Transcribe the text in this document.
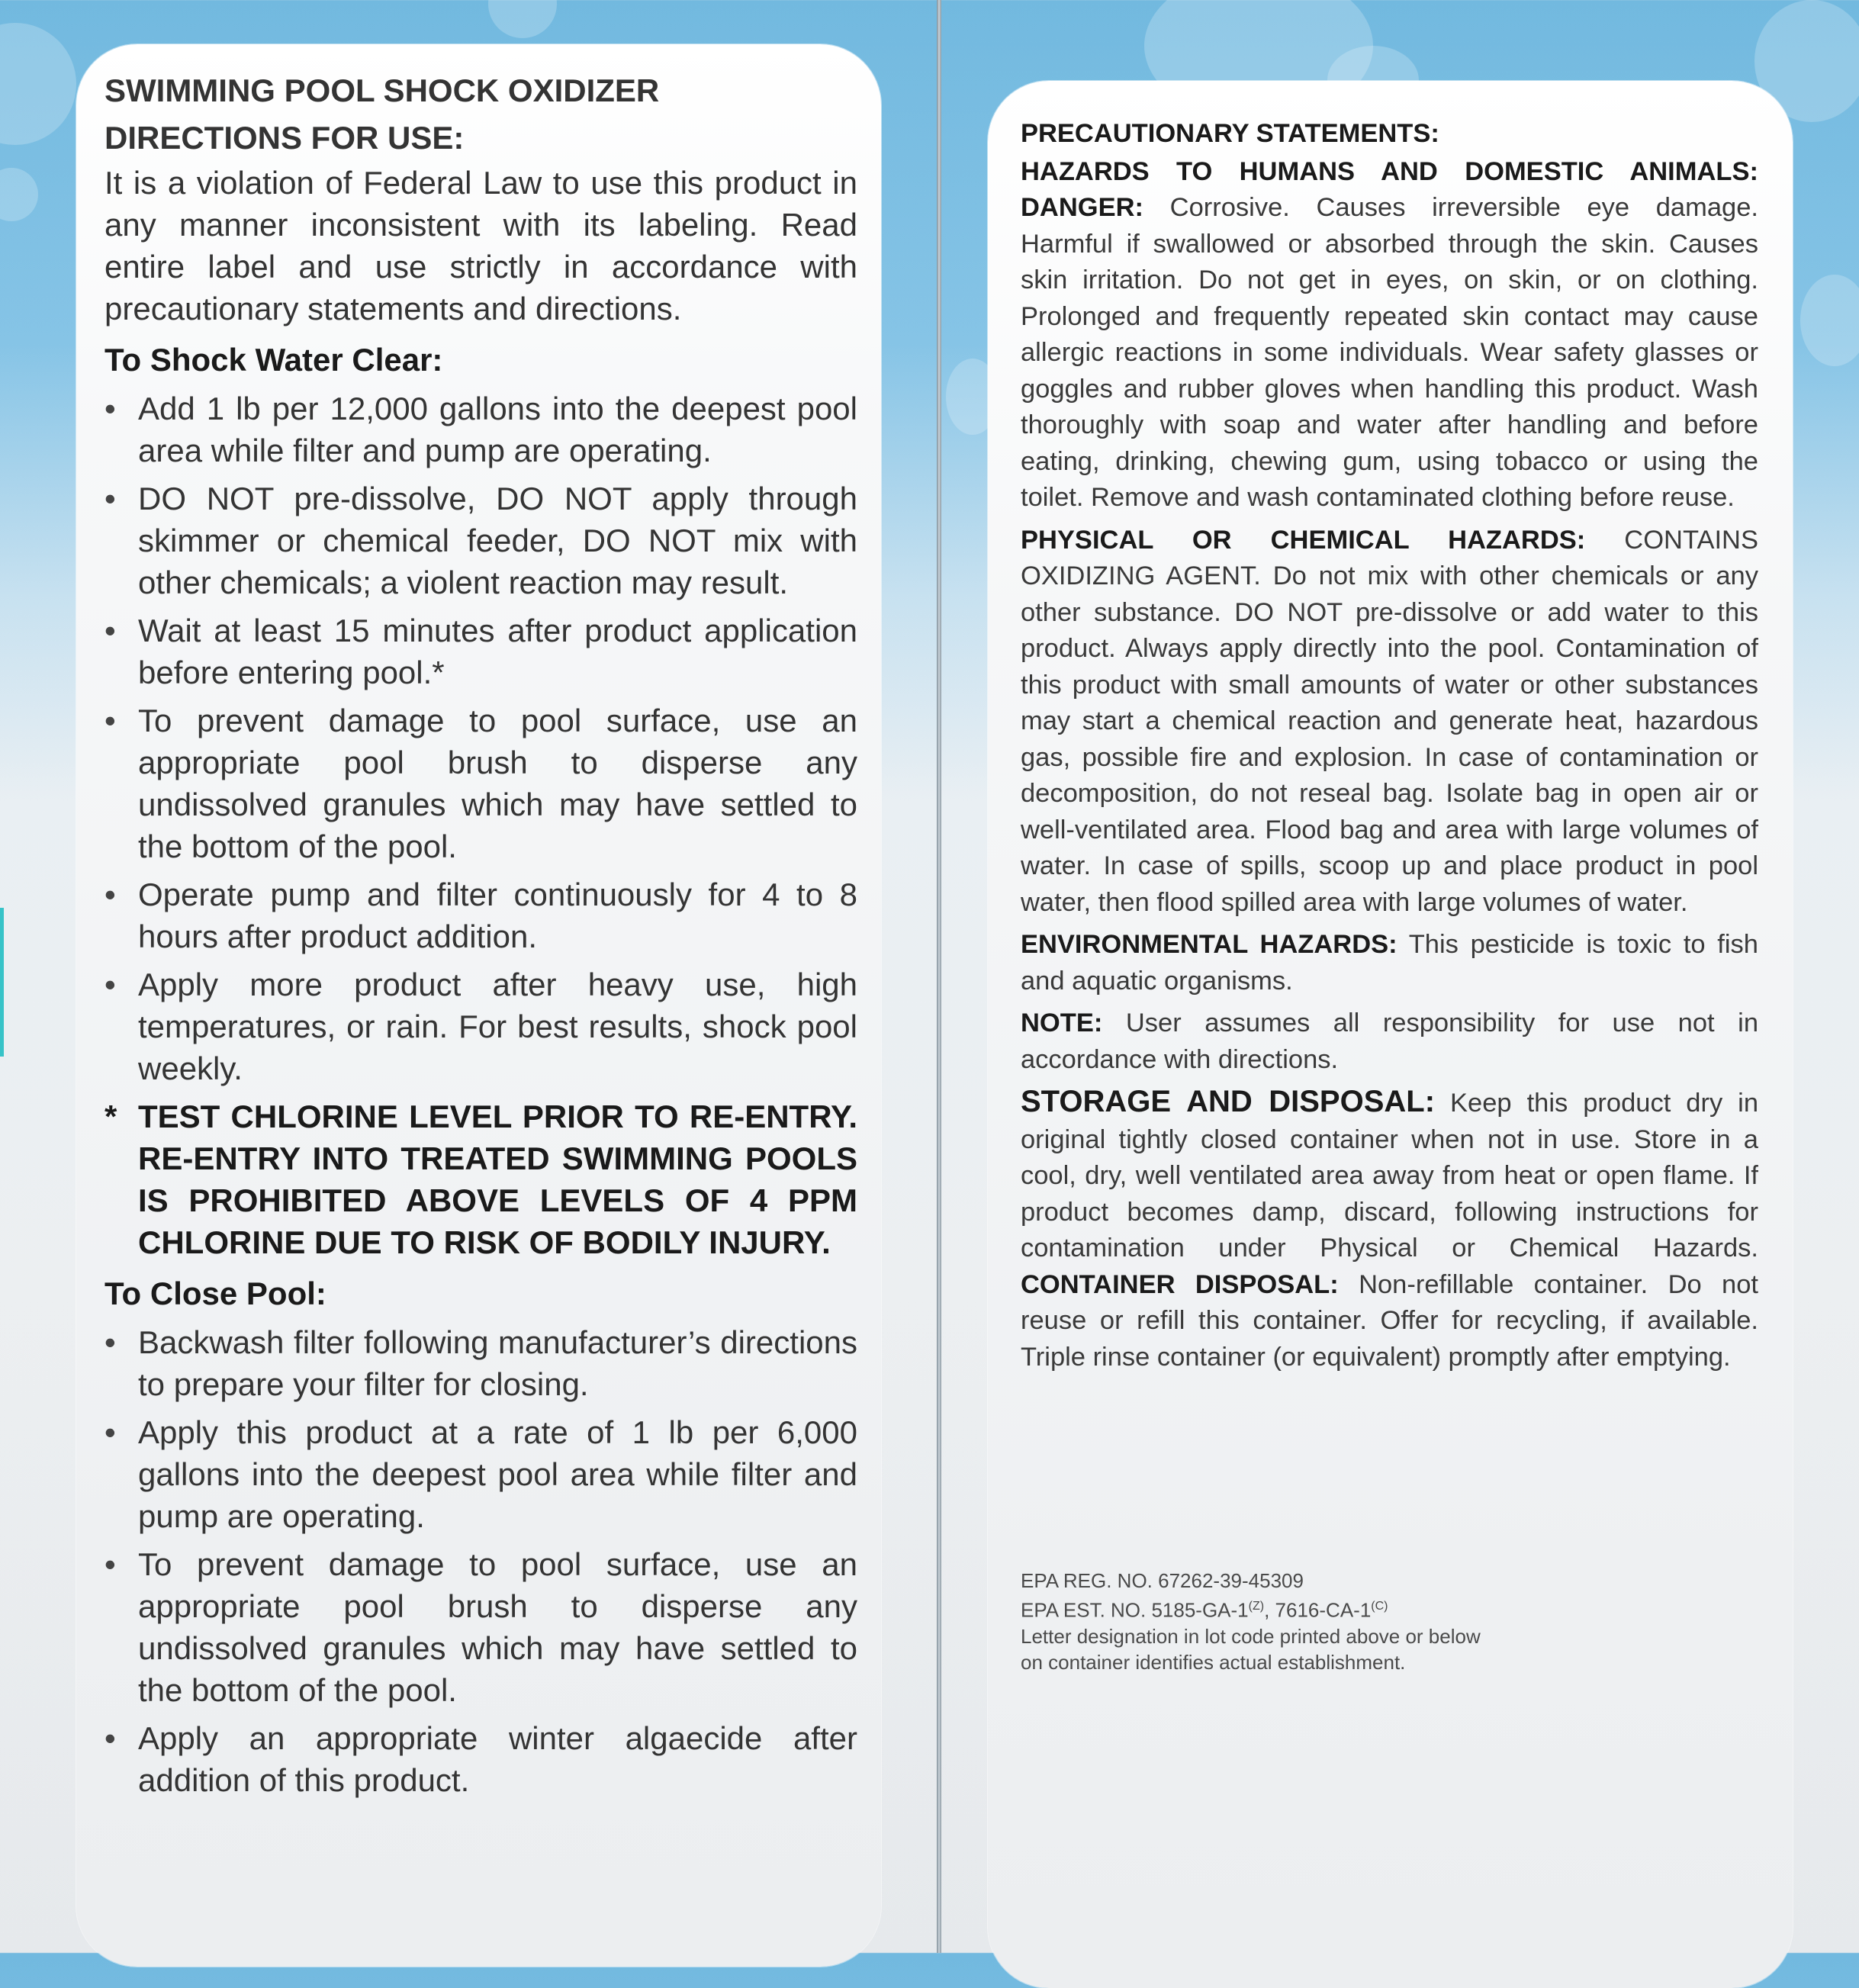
SWIMMING POOL SHOCK OXIDIZER
DIRECTIONS FOR USE:

It is a violation of Federal Law to use this product in any manner inconsistent with its labeling. Read entire label and use strictly in accordance with precautionary statements and directions.

To Shock Water Clear:
• Add 1 lb per 12,000 gallons into the deepest pool area while filter and pump are operating.
• DO NOT pre-dissolve, DO NOT apply through skimmer or chemical feeder, DO NOT mix with other chemicals; a violent reaction may result.
• Wait at least 15 minutes after product application before entering pool.*
• To prevent damage to pool surface, use an appropriate pool brush to disperse any undissolved granules which may have settled to the bottom of the pool.
• Operate pump and filter continuously for 4 to 8 hours after product addition.
• Apply more product after heavy use, high temperatures, or rain. For best results, shock pool weekly.
* TEST CHLORINE LEVEL PRIOR TO RE-ENTRY. RE-ENTRY INTO TREATED SWIMMING POOLS IS PROHIBITED ABOVE LEVELS OF 4 PPM CHLORINE DUE TO RISK OF BODILY INJURY.
To Close Pool:
• Backwash filter following manufacturer’s directions to prepare your filter for closing.
• Apply this product at a rate of 1 lb per 6,000 gallons into the deepest pool area while filter and pump are operating.
• To prevent damage to pool surface, use an appropriate pool brush to disperse any undissolved granules which may have settled to the bottom of the pool.
• Apply an appropriate winter algaecide after addition of this product.
PRECAUTIONARY STATEMENTS:

HAZARDS TO HUMANS AND DOMESTIC ANIMALS: DANGER: Corrosive. Causes irreversible eye damage. Harmful if swallowed or absorbed through the skin. Causes skin irritation. Do not get in eyes, on skin, or on clothing. Prolonged and frequently repeated skin contact may cause allergic reactions in some individuals. Wear safety glasses or goggles and rubber gloves when handling this product. Wash thoroughly with soap and water after handling and before eating, drinking, chewing gum, using tobacco or using the toilet. Remove and wash contaminated clothing before reuse.

PHYSICAL OR CHEMICAL HAZARDS: CONTAINS OXIDIZING AGENT. Do not mix with other chemicals or any other substance. DO NOT pre-dissolve or add water to this product. Always apply directly into the pool. Contamination of this product with small amounts of water or other substances may start a chemical reaction and generate heat, hazardous gas, possible fire and explosion. In case of contamination or decomposition, do not reseal bag. Isolate bag in open air or well-ventilated area. Flood bag and area with large volumes of water. In case of spills, scoop up and place product in pool water, then flood spilled area with large volumes of water.

ENVIRONMENTAL HAZARDS: This pesticide is toxic to fish and aquatic organisms.

NOTE: User assumes all responsibility for use not in accordance with directions.

STORAGE AND DISPOSAL: Keep this product dry in original tightly closed container when not in use. Store in a cool, dry, well ventilated area away from heat or open flame. If product becomes damp, discard, following instructions for contamination under Physical or Chemical Hazards. CONTAINER DISPOSAL: Non-refillable container. Do not reuse or refill this container. Offer for recycling, if available. Triple rinse container (or equivalent) promptly after emptying.

EPA REG. NO. 67262-39-45309
EPA EST. NO. $5185-GA-1^{(Z)}$, $7616-CA-1^{(C)}$
Letter designation in lot code printed above or below
on container identifies actual establishment.
